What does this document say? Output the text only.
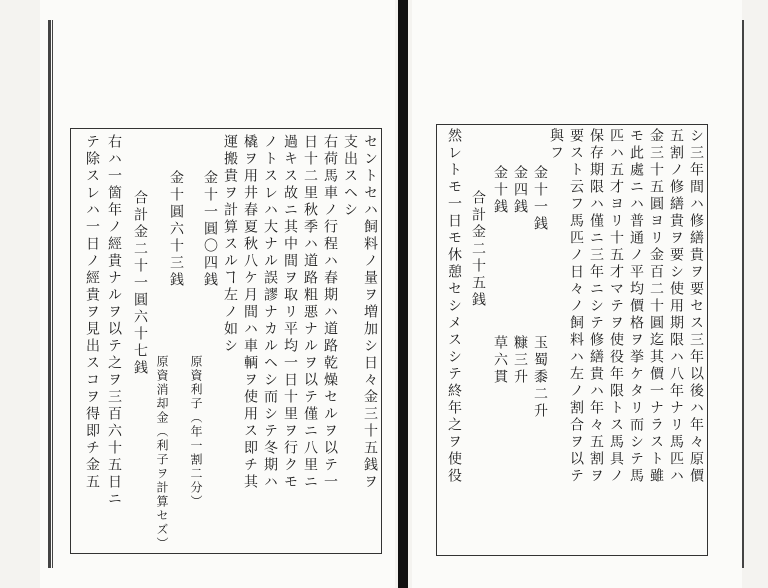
セントセハ飼料ノ量ヲ増加シ日々金三十五銭ヲ
支出スヘシ
右荷馬車ノ行程ハ春期ハ道路乾燥セルヲ以テ一
日十二里秋季ハ道路粗悪ナルヲ以テ僅ニ八里ニ
過キス故ニ其中間ヲ取リ平均一日十里ヲ行クモ
ノトスレハ大ナル誤謬ナカルヘシ而シテ冬期ハ
橇ヲ用井春夏秋八ケ月間ハ車輌ヲ使用ス即チ其
運搬貴ヲ計算スルヿ左ノ如シ
金十一圓〇四銭
原資利子（年一割二分）
金十圓六十三銭
原資消却金（利子ヲ計算セズ）
合計金二十一圓六十七銭
右ハ一箇年ノ經貴ナルヲ以テ之ヲ三百六十五日ニ
テ除スレハ一日ノ經貴ヲ見出スコヲ得即チ金五	シ三年間ハ修繕貴ヲ要セス三年以後ハ年々原價
五割ノ修繕貴ヲ要シ使用期限ハ八年ナリ馬匹ハ
金三十五圓ヨリ金百二十圓迄其價一ナラスト雖
モ此處ニハ普通ノ平均價格ヲ挙ケタリ而シテ馬
匹ハ五才ヨリ十五才マテヲ使役年限トス馬具ノ
保存期限ハ僅ニ三年ニシテ修繕貴ハ年々五割ヲ
要スト云フ馬匹ノ日々ノ飼料ハ左ノ割合ヲ以テ
與フ
金十一銭
玉蜀黍二升
金四銭
糠三升
金十銭
草六貫
合計金二十五銭
然レトモ一日モ休憩セシメスシテ終年之ヲ使役
